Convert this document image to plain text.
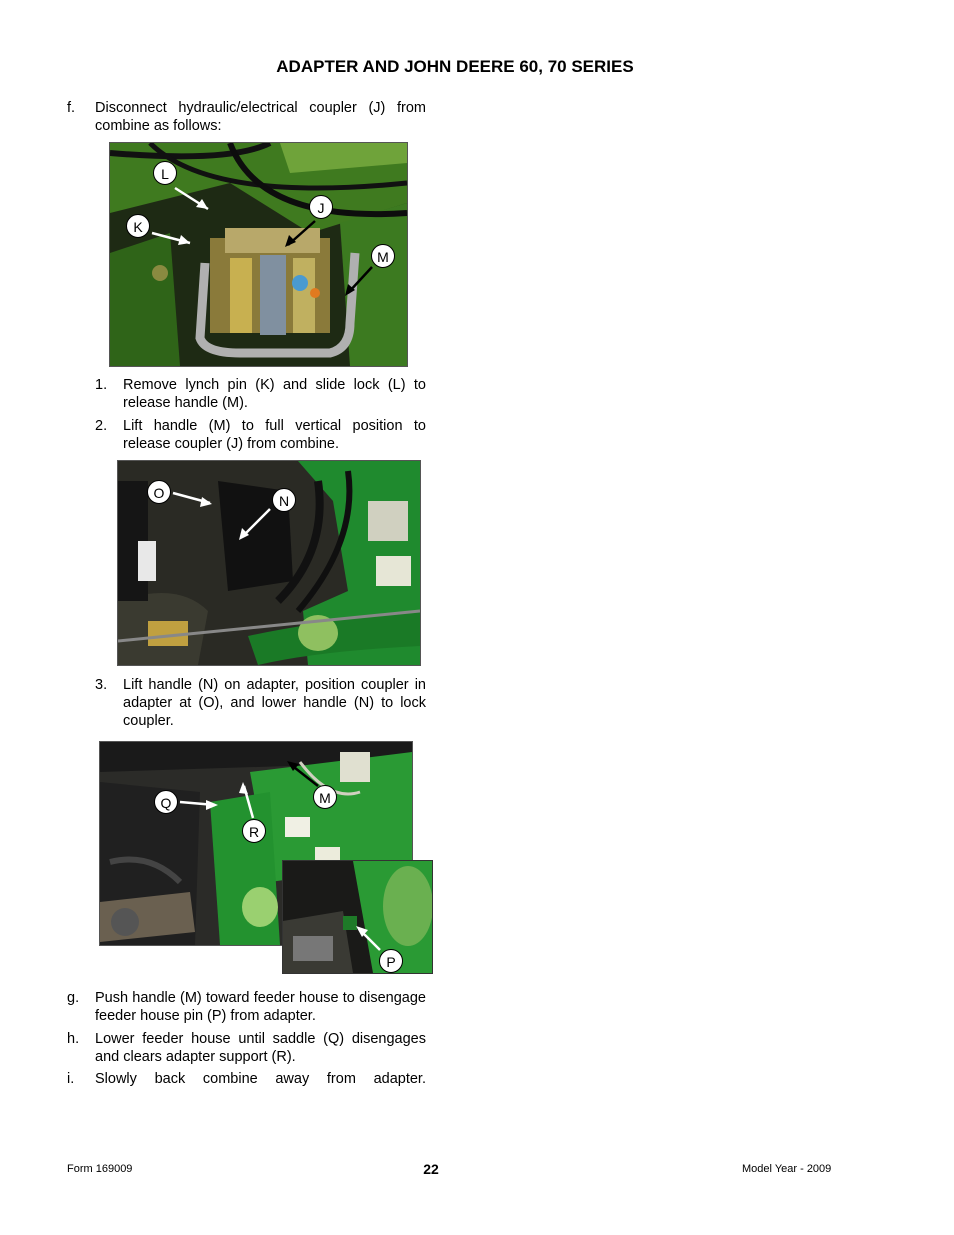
ADAPTER AND JOHN DEERE 60, 70 SERIES
f. Disconnect hydraulic/electrical coupler (J) from combine as follows:
L
J
K
M
1. Remove lynch pin (K) and slide lock (L) to release handle (M).
2. Lift handle (M) to full vertical position to release coupler (J) from combine.
O	N
3. Lift handle (N) on adapter, position coupler in adapter at (O), and lower handle (N) to lock coupler.
Q	M
R
P
g. Push handle (M) toward feeder house to disengage feeder house pin (P) from adapter.
h. Lower feeder house until saddle (Q) disengages and clears adapter support (R).
i. Slowly back combine away from adapter.
Form 169009	22	Model Year - 2009
